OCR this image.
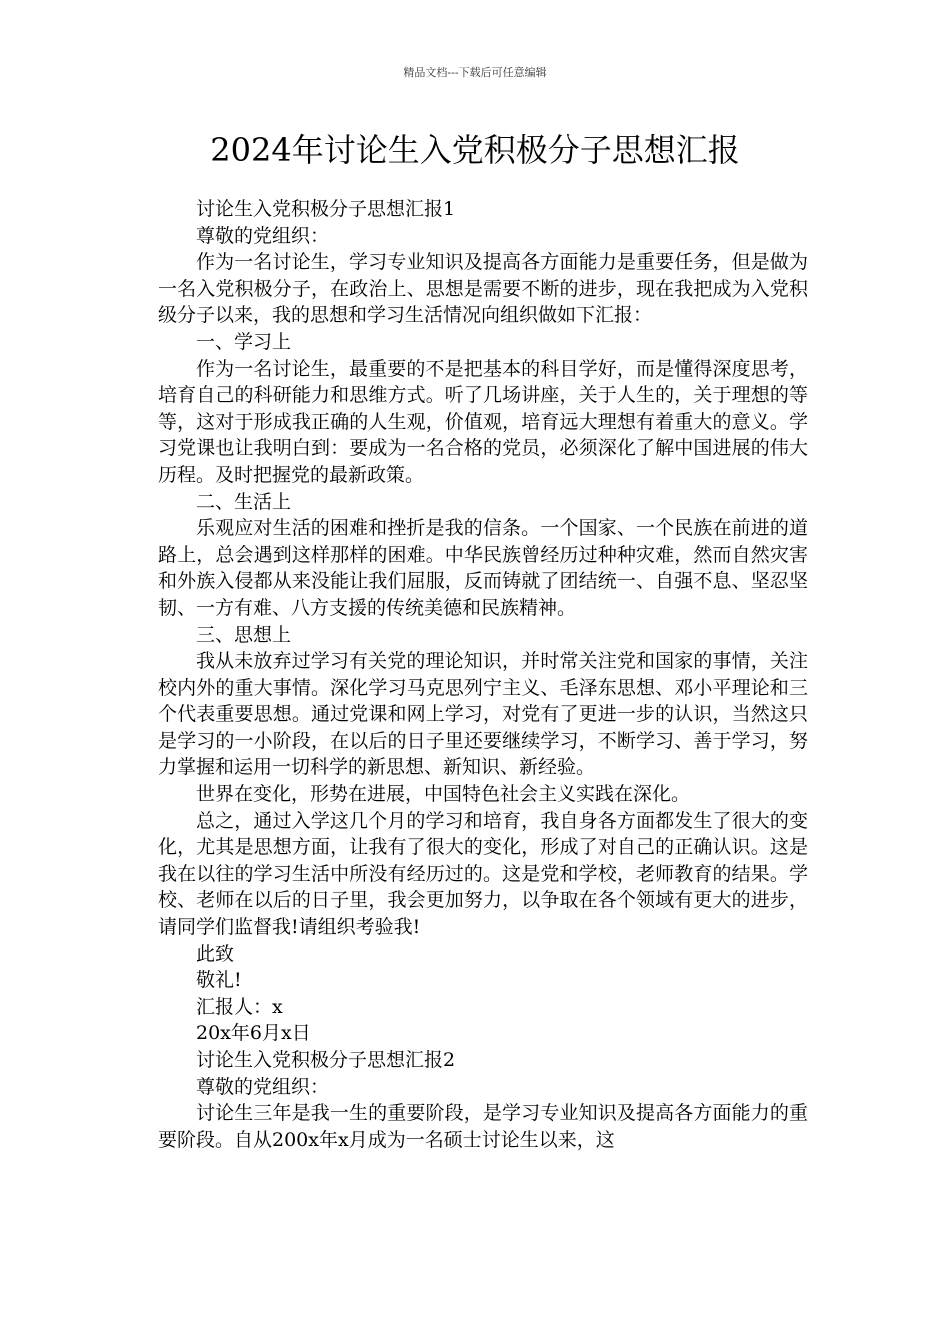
精品文档---下载后可任意编辑
2024年讨论生入党积极分子思想汇报

讨论生入党积极分子思想汇报1

尊敬的党组织：

作为一名讨论生，学习专业知识及提高各方面能力是重要任务，但是做为一名入党积极分子，在政治上、思想是需要不断的进步，现在我把成为入党积级分子以来，我的思想和学习生活情况向组织做如下汇报：

一、学习上

作为一名讨论生，最重要的不是把基本的科目学好，而是懂得深度思考，培育自己的科研能力和思维方式。听了几场讲座，关于人生的，关于理想的等等，这对于形成我正确的人生观，价值观，培育远大理想有着重大的意义。学习党课也让我明白到：要成为一名合格的党员，必须深化了解中国进展的伟大历程。及时把握党的最新政策。

二、生活上

乐观应对生活的困难和挫折是我的信条。一个国家、一个民族在前进的道路上，总会遇到这样那样的困难。中华民族曾经历过种种灾难，然而自然灾害和外族入侵都从来没能让我们屈服，反而铸就了团结统一、自强不息、坚忍坚韧、一方有难、八方支援的传统美德和民族精神。

三、思想上

我从未放弃过学习有关党的理论知识，并时常关注党和国家的事情，关注校内外的重大事情。深化学习马克思列宁主义、毛泽东思想、邓小平理论和三个代表重要思想。通过党课和网上学习，对党有了更进一步的认识，当然这只是学习的一小阶段，在以后的日子里还要继续学习，不断学习、善于学习，努力掌握和运用一切科学的新思想、新知识、新经验。

世界在变化，形势在进展，中国特色社会主义实践在深化。

总之，通过入学这几个月的学习和培育，我自身各方面都发生了很大的变化，尤其是思想方面，让我有了很大的变化，形成了对自己的正确认识。这是我在以往的学习生活中所没有经历过的。这是党和学校，老师教育的结果。学校、老师在以后的日子里，我会更加努力，以争取在各个领域有更大的进步，请同学们监督我!请组织考验我!

此致

敬礼!

汇报人：x

20x年6月x日

讨论生入党积极分子思想汇报2

尊敬的党组织：

讨论生三年是我一生的重要阶段，是学习专业知识及提高各方面能力的重要阶段。自从200x年x月成为一名硕士讨论生以来，这
